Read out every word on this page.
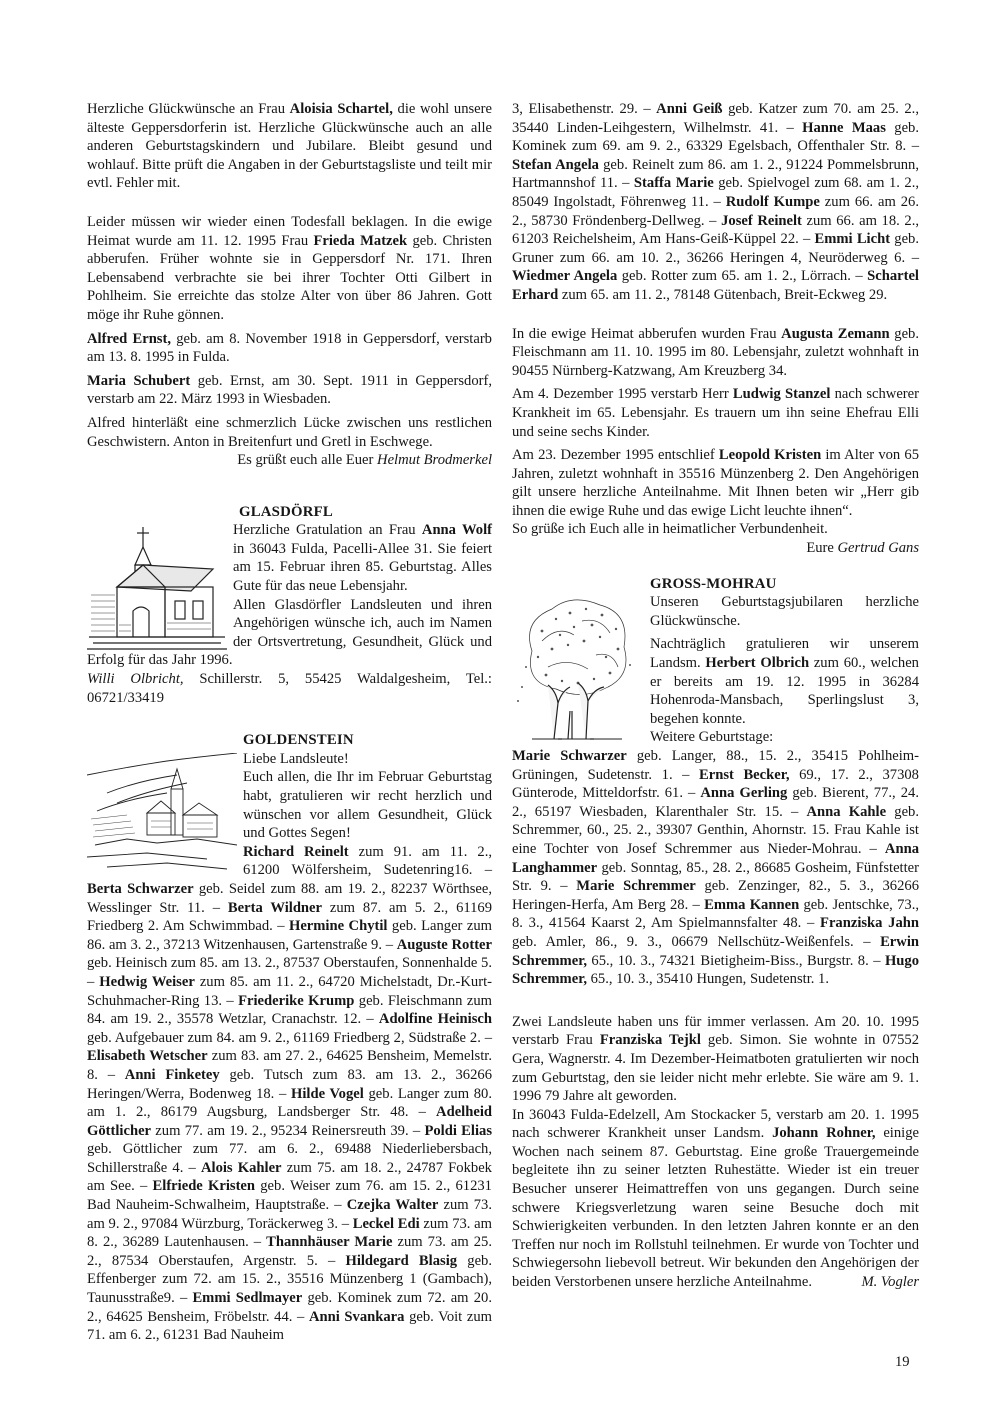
Herzliche Glückwünsche an Frau Aloisia Schartel, die wohl unsere älteste Geppersdorferin ist. Herzliche Glückwünsche auch an alle anderen Geburtstagskindern und Jubilare. Bleibt gesund und wohlauf. Bitte prüft die Angaben in der Geburtstagsliste und teilt mir evtl. Fehler mit.

Leider müssen wir wieder einen Todesfall beklagen. In die ewige Heimat wurde am 11. 12. 1995 Frau Frieda Matzek geb. Christen abberufen. Früher wohnte sie in Geppersdorf Nr. 171. Ihren Lebensabend verbrachte sie bei ihrer Tochter Otti Gilbert in Pohlheim. Sie erreichte das stolze Alter von über 86 Jahren. Gott möge ihr Ruhe gönnen.

Alfred Ernst, geb. am 8. November 1918 in Geppersdorf, verstarb am 13. 8. 1995 in Fulda.

Maria Schubert geb. Ernst, am 30. Sept. 1911 in Geppersdorf, verstarb am 22. März 1993 in Wiesbaden.

Alfred hinterläßt eine schmerzlich Lücke zwischen uns restlichen Geschwistern. Anton in Breitenfurt und Gretl in Eschwege.

Es grüßt euch alle Euer Helmut Brodmerkel

GLASDÖRFL

Herzliche Gratulation an Frau Anna Wolf in 36043 Fulda, Pacelli-Allee 31. Sie feiert am 15. Februar ihren 85. Geburtstag. Alles Gute für das neue Lebensjahr.

Allen Glasdörfler Landsleuten und ihren Angehörigen wünsche ich, auch im Namen der Ortsvertretung, Gesundheit, Glück und Erfolg für das Jahr 1996.

Willi Olbricht, Schillerstr. 5, 55425 Waldalgesheim, Tel.: 06721/33419

GOLDENSTEIN

Liebe Landsleute!

Euch allen, die Ihr im Februar Geburtstag habt, gratulieren wir recht herzlich und wünschen vor allem Gesundheit, Glück und Gottes Segen!

Richard Reinelt zum 91. am 11. 2., 61200 Wölfersheim, Sudetenring16. – Berta Schwarzer geb. Seidel zum 88. am 19. 2., 82237 Wörthsee, Wesslinger Str. 11. – Berta Wildner zum 87. am 5. 2., 61169 Friedberg 2. Am Schwimmbad. – Hermine Chytil geb. Langer zum 86. am 3. 2., 37213 Witzenhausen, Gartenstraße 9. – Auguste Rotter geb. Heinisch zum 85. am 13. 2., 87537 Oberstaufen, Sonnenhalde 5. – Hedwig Weiser zum 85. am 11. 2., 64720 Michelstadt, Dr.-Kurt-Schuhmacher-Ring 13. – Friederike Krump geb. Fleischmann zum 84. am 19. 2., 35578 Wetzlar, Cranachstr. 12. – Adolfine Heinisch geb. Aufgebauer zum 84. am 9. 2., 61169 Friedberg 2, Südstraße 2. – Elisabeth Wetscher zum 83. am 27. 2., 64625 Bensheim, Memelstr. 8. – Anni Finketey geb. Tutsch zum 83. am 13. 2., 36266 Heringen/Werra, Bodenweg 18. – Hilde Vogel geb. Langer zum 80. am 1. 2., 86179 Augsburg, Landsberger Str. 48. – Adelheid Göttlicher zum 77. am 19. 2., 95234 Reinersreuth 39. – Poldi Elias geb. Göttlicher zum 77. am 6. 2., 69488 Niederliebersbach, Schillerstraße 4. – Alois Kahler zum 75. am 18. 2., 24787 Fokbek am See. – Elfriede Kristen geb. Weiser zum 76. am 15. 2., 61231 Bad Nauheim-Schwalheim, Hauptstraße. – Czejka Walter zum 73. am 9. 2., 97084 Würzburg, Toräckerweg 3. – Leckel Edi zum 73. am 8. 2., 36289 Lautenhausen. – Thannhäuser Marie zum 73. am 25. 2., 87534 Oberstaufen, Argenstr. 5. – Hildegard Blasig geb. Effenberger zum 72. am 15. 2., 35516 Münzenberg 1 (Gambach), Taunusstraße9. – Emmi Sedlmayer geb. Kominek zum 72. am 20. 2., 64625 Bensheim, Fröbelstr. 44. – Anni Svankara geb. Voit zum 71. am 6. 2., 61231 Bad Nauheim

3, Elisabethenstr. 29. – Anni Geiß geb. Katzer zum 70. am 25. 2., 35440 Linden-Leihgestern, Wilhelmstr. 41. – Hanne Maas geb. Kominek zum 69. am 9. 2., 63329 Egelsbach, Offenthaler Str. 8. – Stefan Angela geb. Reinelt zum 86. am 1. 2., 91224 Pommelsbrunn, Hartmannshof 11. – Staffa Marie geb. Spielvogel zum 68. am 1. 2., 85049 Ingolstadt, Föhrenweg 11. – Rudolf Kumpe zum 66. am 26. 2., 58730 Fröndenberg-Dellweg. – Josef Reinelt zum 66. am 18. 2., 61203 Reichelsheim, Am Hans-Geiß-Küppel 22. – Emmi Licht geb. Gruner zum 66. am 10. 2., 36266 Heringen 4, Neuröderweg 6. – Wiedmer Angela geb. Rotter zum 65. am 1. 2., Lörrach. – Schartel Erhard zum 65. am 11. 2., 78148 Gütenbach, Breit-Eckweg 29.

In die ewige Heimat abberufen wurden Frau Augusta Zemann geb. Fleischmann am 11. 10. 1995 im 80. Lebensjahr, zuletzt wohnhaft in 90455 Nürnberg-Katzwang, Am Kreuzberg 34.

Am 4. Dezember 1995 verstarb Herr Ludwig Stanzel nach schwerer Krankheit im 65. Lebensjahr. Es trauern um ihn seine Ehefrau Elli und seine sechs Kinder.

Am 23. Dezember 1995 entschlief Leopold Kristen im Alter von 65 Jahren, zuletzt wohnhaft in 35516 Münzenberg 2. Den Angehörigen gilt unsere herzliche Anteilnahme. Mit Ihnen beten wir „Herr gib ihnen die ewige Ruhe und das ewige Licht leuchte ihnen“.

So grüße ich Euch alle in heimatlicher Verbundenheit.

Eure Gertrud Gans

GROSS-MOHRAU

Unseren Geburtstagsjubilaren herzliche Glückwünsche.

Nachträglich gratulieren wir unserem Landsm. Herbert Olbrich zum 60., welchen er bereits am 19. 12. 1995 in 36284 Hohenroda-Mansbach, Sperlingslust 3, begehen konnte.

Weitere Geburtstage:

Marie Schwarzer geb. Langer, 88., 15. 2., 35415 Pohlheim-Grüningen, Sudetenstr. 1. – Ernst Becker, 69., 17. 2., 37308 Günterode, Mitteldorfstr. 61. – Anna Gerling geb. Bierent, 77., 24. 2., 65197 Wiesbaden, Klarenthaler Str. 15. – Anna Kahle geb. Schremmer, 60., 25. 2., 39307 Genthin, Ahornstr. 15. Frau Kahle ist eine Tochter von Josef Schremmer aus Nieder-Mohrau. – Anna Langhammer geb. Sonntag, 85., 28. 2., 86685 Gosheim, Fünfstetter Str. 9. – Marie Schremmer geb. Zenzinger, 82., 5. 3., 36266 Heringen-Herfa, Am Berg 28. – Emma Kannen geb. Jentschke, 73., 8. 3., 41564 Kaarst 2, Am Spielmannsfalter 48. – Franziska Jahn geb. Amler, 86., 9. 3., 06679 Nellschütz-Weißenfels. – Erwin Schremmer, 65., 10. 3., 74321 Bietigheim-Biss., Burgstr. 8. – Hugo Schremmer, 65., 10. 3., 35410 Hungen, Sudetenstr. 1.

Zwei Landsleute haben uns für immer verlassen. Am 20. 10. 1995 verstarb Frau Franziska Tejkl geb. Simon. Sie wohnte in 07552 Gera, Wagnerstr. 4. Im Dezember-Heimatboten gratulierten wir noch zum Geburtstag, den sie leider nicht mehr erlebte. Sie wäre am 9. 1. 1996 79 Jahre alt geworden.

In 36043 Fulda-Edelzell, Am Stockacker 5, verstarb am 20. 1. 1995 nach schwerer Krankheit unser Landsm. Johann Rohner, einige Wochen nach seinem 87. Geburtstag. Eine große Trauergemeinde begleitete ihn zu seiner letzten Ruhestätte. Wieder ist ein treuer Besucher unserer Heimattreffen von uns gegangen. Durch seine schwere Kriegsverletzung waren seine Besuche doch mit Schwierigkeiten verbunden. In den letzten Jahren konnte er an den Treffen nur noch im Rollstuhl teilnehmen. Er wurde von Tochter und Schwiegersohn liebevoll betreut. Wir bekunden den Angehörigen der beiden Verstorbenen unsere herzliche Anteilnahme.	M. Vogler

19
